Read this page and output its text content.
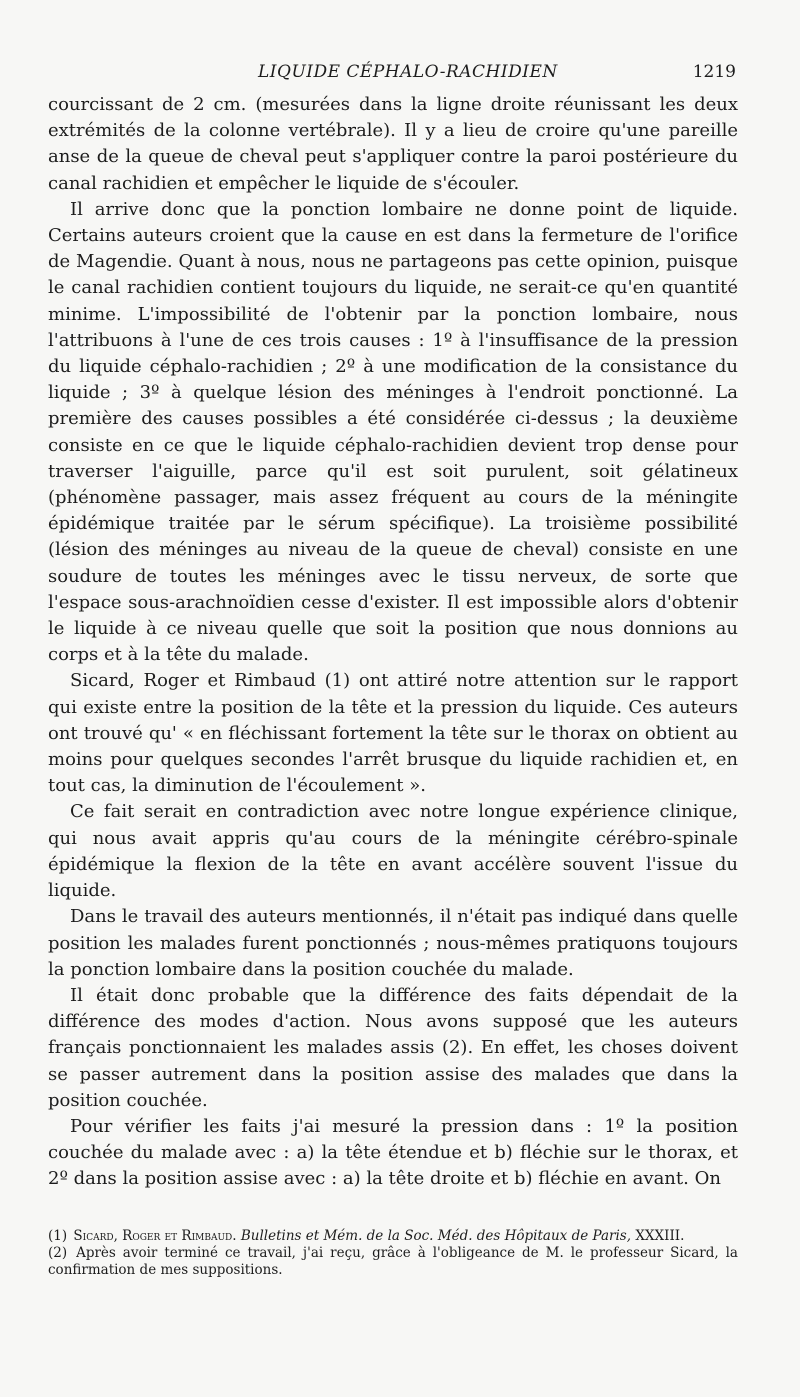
LIQUIDE CÉPHALO-RACHIDIEN	1219

courcissant de 2 cm. (mesurées dans la ligne droite réunissant les deux extrémités de la colonne vertébrale). Il y a lieu de croire qu'une pareille anse de la queue de cheval peut s'appliquer contre la paroi postérieure du canal rachidien et empêcher le liquide de s'écouler.

Il arrive donc que la ponction lombaire ne donne point de liquide. Certains auteurs croient que la cause en est dans la fermeture de l'orifice de Magendie. Quant à nous, nous ne partageons pas cette opinion, puisque le canal rachidien contient toujours du liquide, ne serait-ce qu'en quantité minime. L'impossibilité de l'obtenir par la ponction lombaire, nous l'attribuons à l'une de ces trois causes : 1º à l'insuffisance de la pression du liquide céphalo-rachidien ; 2º à une modification de la consistance du liquide ; 3º à quelque lésion des méninges à l'endroit ponctionné. La première des causes possibles a été considérée ci-dessus ; la deuxième consiste en ce que le liquide céphalo-rachidien devient trop dense pour traverser l'aiguille, parce qu'il est soit purulent, soit gélatineux (phénomène passager, mais assez fréquent au cours de la méningite épidémique traitée par le sérum spécifique). La troisième possibilité (lésion des méninges au niveau de la queue de cheval) consiste en une soudure de toutes les méninges avec le tissu nerveux, de sorte que l'espace sous-arachnoïdien cesse d'exister. Il est impossible alors d'obtenir le liquide à ce niveau quelle que soit la position que nous donnions au corps et à la tête du malade.

Sicard, Roger et Rimbaud (1) ont attiré notre attention sur le rapport qui existe entre la position de la tête et la pression du liquide. Ces auteurs ont trouvé qu' « en fléchissant fortement la tête sur le thorax on obtient au moins pour quelques secondes l'arrêt brusque du liquide rachidien et, en tout cas, la diminution de l'écoulement ».

Ce fait serait en contradiction avec notre longue expérience clinique, qui nous avait appris qu'au cours de la méningite cérébro-spinale épidémique la flexion de la tête en avant accélère souvent l'issue du liquide.

Dans le travail des auteurs mentionnés, il n'était pas indiqué dans quelle position les malades furent ponctionnés ; nous-mêmes pratiquons toujours la ponction lombaire dans la position couchée du malade.

Il était donc probable que la différence des faits dépendait de la différence des modes d'action. Nous avons supposé que les auteurs français ponctionnaient les malades assis (2). En effet, les choses doivent se passer autrement dans la position assise des malades que dans la position couchée.

Pour vérifier les faits j'ai mesuré la pression dans : 1º la position couchée du malade avec : a) la tête étendue et b) fléchie sur le thorax, et 2º dans la position assise avec : a) la tête droite et b) fléchie en avant. On

(1) Sicard, Roger et Rimbaud. Bulletins et Mém. de la Soc. Méd. des Hôpitaux de Paris, XXXIII.

(2) Après avoir terminé ce travail, j'ai reçu, grâce à l'obligeance de M. le professeur Sicard, la confirmation de mes suppositions.
